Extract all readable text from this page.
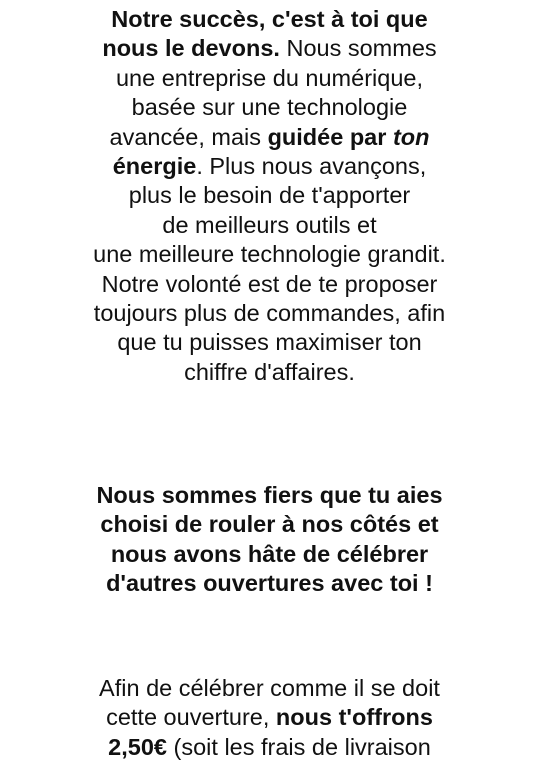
Notre succès, c'est à toi que
nous le devons. Nous sommes
une entreprise du numérique,
basée sur une technologie
avancée, mais guidée par ton
énergie. Plus nous avançons,
plus le besoin de t'apporter
de meilleurs outils et
une meilleure technologie grandit.
Notre volonté est de te proposer
toujours plus de commandes, afin
que tu puisses maximiser ton
chiffre d'affaires.
Nous sommes fiers que tu aies
choisi de rouler à nos côtés et
nous avons hâte de célébrer
d'autres ouvertures avec toi !
Afin de célébrer comme il se doit
cette ouverture, nous t'offrons
2,50€ (soit les frais de livraison
